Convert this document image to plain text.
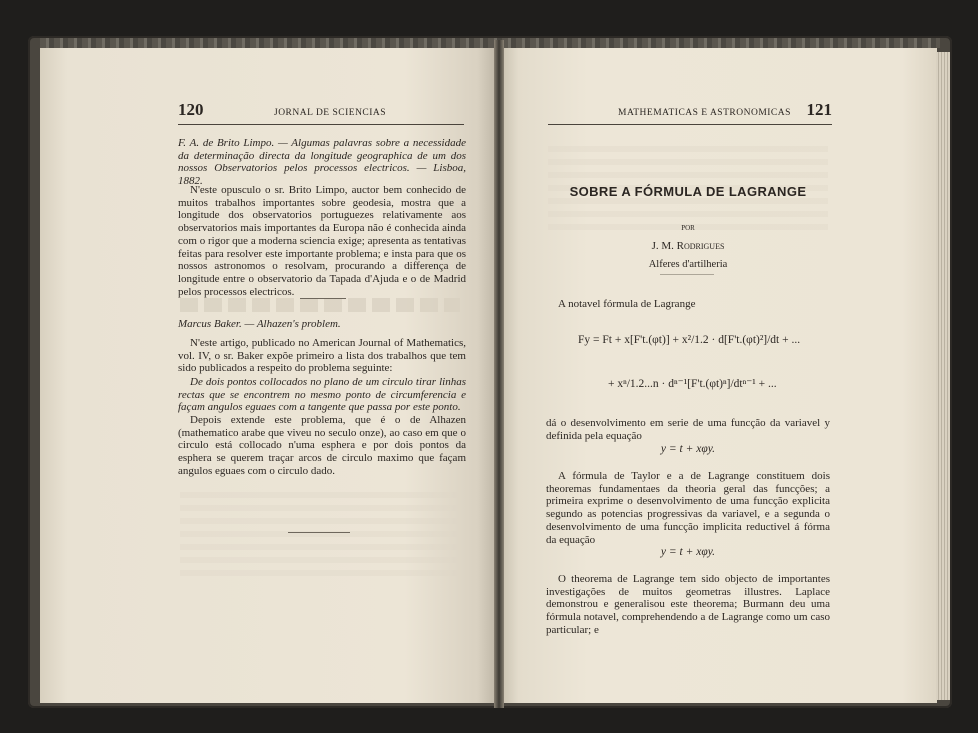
120	JORNAL DE SCIENCIAS
F. A. de Brito Limpo. — Algumas palavras sobre a necessidade da determinação directa da longitude geographica de um dos nossos Observatorios pelos processos electricos. — Lisboa, 1882.
N'este opusculo o sr. Brito Limpo, auctor bem conhecido de muitos trabalhos importantes sobre geodesia, mostra que a longitude dos observatorios portuguezes relativamente aos observatorios mais importantes da Europa não é conhecida ainda com o rigor que a moderna sciencia exige; apresenta as tentativas feitas para resolver este importante problema; e insta para que os nossos astronomos o resolvam, procurando a differença de longitude entre o observatorio da Tapada d'Ajuda e o de Madrid pelos processos electricos.
Marcus Baker. — Alhazen's problem.
N'este artigo, publicado no American Journal of Mathematics, vol. IV, o sr. Baker expõe primeiro a lista dos trabalhos que tem sido publicados a respeito do problema seguinte:
De dois pontos collocados no plano de um circulo tirar linhas rectas que se encontrem no mesmo ponto de circumferencia e façam angulos eguaes com a tangente que passa por este ponto.
Depois extende este problema, que é o de Alhazen (mathematico arabe que viveu no seculo onze), ao caso em que o circulo está collocado n'uma esphera e por dois pontos da esphera se querem traçar arcos de circulo maximo que façam angulos eguaes com o circulo dado.
MATHEMATICAS E ASTRONOMICAS 121
SOBRE A FÓRMULA DE LAGRANGE
POR
J. M. Rodrigues
Alferes d'artilheria
A notavel fórmula de Lagrange
Fy = Ft + x[F't.(φt)] + x²/1.2 · d[F't.(φt)²]/dt + ...
+ xⁿ/1.2...n · dⁿ⁻¹[F't.(φt)ⁿ]/dtⁿ⁻¹ + ...
dá o desenvolvimento em serie de uma funcção da variavel y definida pela equação
y = t + xφy.
A fórmula de Taylor e a de Lagrange constituem dois theoremas fundamentaes da theoria geral das funcções; a primeira exprime o desenvolvimento de uma funcção explicita segundo as potencias progressivas da variavel, e a segunda o desenvolvimento de uma funcção implicita reductivel á fórma da equação
y = t + xφy.
O theorema de Lagrange tem sido objecto de importantes investigações de muitos geometras illustres. Laplace demonstrou e generalisou este theorema; Burmann deu uma fórmula notavel, comprehendendo a de Lagrange como um caso particular; e
